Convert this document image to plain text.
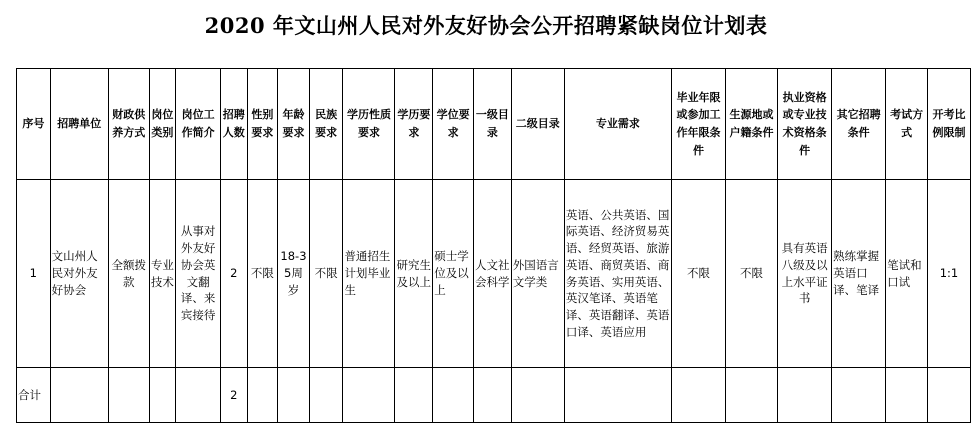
2020 年文山州人民对外友好协会公开招聘紧缺岗位计划表
序号	招聘单位	财政供养方式	岗位类别	岗位工作简介	招聘人数	性别要求	年龄要求	民族要求	学历性质要求	学历要求	学位要求	一级目录	二级目录	专业需求	毕业年限或参加工作年限条件	生源地或户籍条件	执业资格或专业技术资格条件	其它招聘条件	考试方式	开考比例限制
1	文山州人民对外友好协会	全额拨款	专业技术	从事对外友好协会英文翻译、来宾接待	2	不限	18-35周岁	不限	普通招生计划毕业生	研究生及以上	硕士学位及以上	人文社会科学	外国语言文学类	英语、公共英语、国际英语、经济贸易英语、经贸英语、旅游英语、商贸英语、商务英语、实用英语、英汉笔译、英语笔译、英语翻译、英语口译、英语应用	不限	不限	具有英语八级及以上水平证书	熟练掌握英语口译、笔译	笔试和口试	1:1
合计					2															
